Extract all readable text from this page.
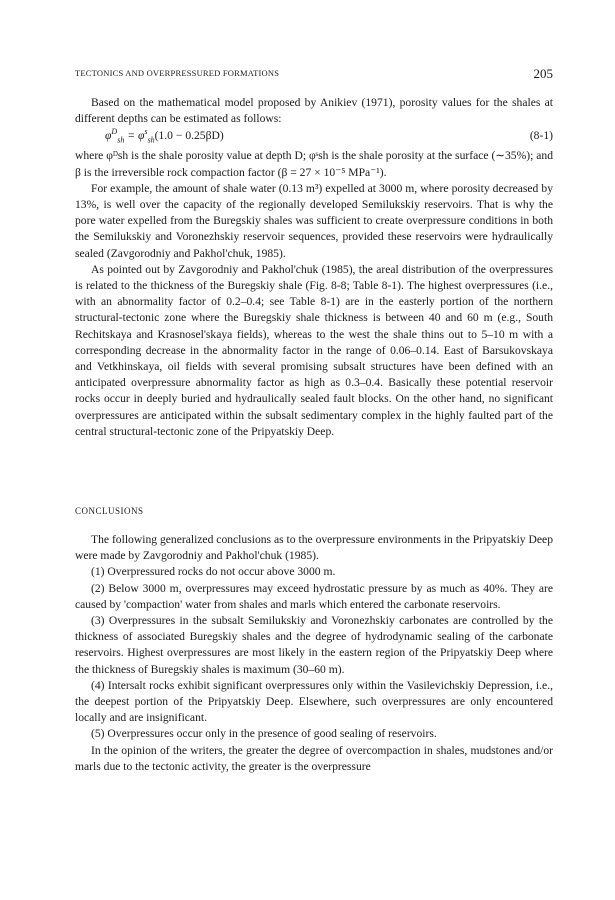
TECTONICS AND OVERPRESSURED FORMATIONS	205

Based on the mathematical model proposed by Anikiev (1971), porosity values for the shales at different depths can be estimated as follows:

$\varphi^D_{sh} = \varphi^s_{sh}(1.0 - 0.25\beta D)$	(8-1)

where φᴰsh is the shale porosity value at depth D; φˢsh is the shale porosity at the surface (∼35%); and β is the irreversible rock compaction factor (β = 27 × 10⁻⁵ MPa⁻¹).

For example, the amount of shale water (0.13 m³) expelled at 3000 m, where porosity decreased by 13%, is well over the capacity of the regionally developed Semilukskiy reservoirs. That is why the pore water expelled from the Buregskiy shales was sufficient to create overpressure conditions in both the Semilukskiy and Voronezhskiy reservoir sequences, provided these reservoirs were hydraulically sealed (Zavgorodniy and Pakhol'chuk, 1985).

As pointed out by Zavgorodniy and Pakhol'chuk (1985), the areal distribution of the overpressures is related to the thickness of the Buregskiy shale (Fig. 8-8; Table 8-1). The highest overpressures (i.e., with an abnormality factor of 0.2–0.4; see Table 8-1) are in the easterly portion of the northern structural-tectonic zone where the Buregskiy shale thickness is between 40 and 60 m (e.g., South Rechitskaya and Krasnosel'skaya fields), whereas to the west the shale thins out to 5–10 m with a corresponding decrease in the abnormality factor in the range of 0.06–0.14. East of Barsukovskaya and Vetkhinskaya, oil fields with several promising subsalt structures have been defined with an anticipated overpressure abnormality factor as high as 0.3–0.4. Basically these potential reservoir rocks occur in deeply buried and hydraulically sealed fault blocks. On the other hand, no significant overpressures are anticipated within the subsalt sedimentary complex in the highly faulted part of the central structural-tectonic zone of the Pripyatskiy Deep.

CONCLUSIONS

The following generalized conclusions as to the overpressure environments in the Pripyatskiy Deep were made by Zavgorodniy and Pakhol'chuk (1985).

(1) Overpressured rocks do not occur above 3000 m.

(2) Below 3000 m, overpressures may exceed hydrostatic pressure by as much as 40%. They are caused by 'compaction' water from shales and marls which entered the carbonate reservoirs.

(3) Overpressures in the subsalt Semilukskiy and Voronezhskiy carbonates are controlled by the thickness of associated Buregskiy shales and the degree of hydrodynamic sealing of the carbonate reservoirs. Highest overpressures are most likely in the eastern region of the Pripyatskiy Deep where the thickness of Buregskiy shales is maximum (30–60 m).

(4) Intersalt rocks exhibit significant overpressures only within the Vasilevichskiy Depression, i.e., the deepest portion of the Pripyatskiy Deep. Elsewhere, such overpressures are only encountered locally and are insignificant.

(5) Overpressures occur only in the presence of good sealing of reservoirs.

In the opinion of the writers, the greater the degree of overcompaction in shales, mudstones and/or marls due to the tectonic activity, the greater is the overpressure
